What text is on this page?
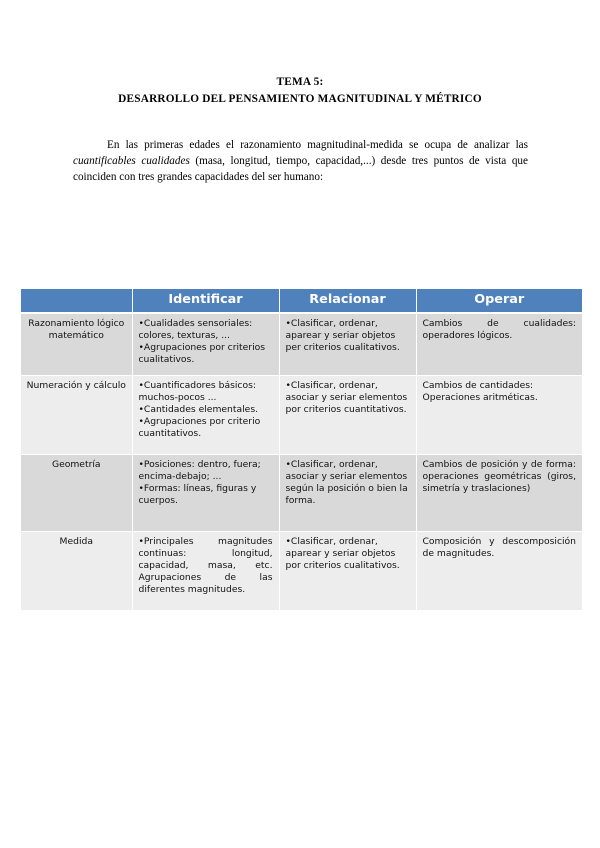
TEMA 5:
DESARROLLO DEL PENSAMIENTO MAGNITUDINAL Y MÉTRICO
En las primeras edades el razonamiento magnitudinal-medida se ocupa de analizar las cuantificables cualidades (masa, longitud, tiempo, capacidad,...) desde tres puntos de vista que coinciden con tres grandes capacidades del ser humano:
	Identificar	Relacionar	Operar
Razonamiento lógico matemático	•Cualidades sensoriales: colores, texturas, ...
•Agrupaciones por criterios cualitativos.	•Clasificar, ordenar, aparear y seriar objetos per criterios cualitativos.	Cambios de cualidades: operadores lógicos.

Numeración y cálculo	•Cuantificadores básicos: muchos-pocos ...
•Cantidades elementales.
•Agrupaciones por criterio cuantitativos.	•Clasificar, ordenar, asociar y seriar elementos por criterios cuantitativos.	Cambios de cantidades: Operaciones aritméticas.

Geometría	•Posiciones: dentro, fuera; encima-debajo; ...
•Formas: líneas, figuras y cuerpos.	•Clasificar, ordenar, asociar y seriar elementos según la posición o bien la forma.	Cambios de posición y de forma: operaciones geométricas (giros, simetría y traslaciones)

Medida	•Principales magnitudes continuas: longitud, capacidad, masa, etc. Agrupaciones de las diferentes magnitudes.	•Clasificar, ordenar, aparear y seriar objetos por criterios cualitativos.	Composición y descomposición de magnitudes.
